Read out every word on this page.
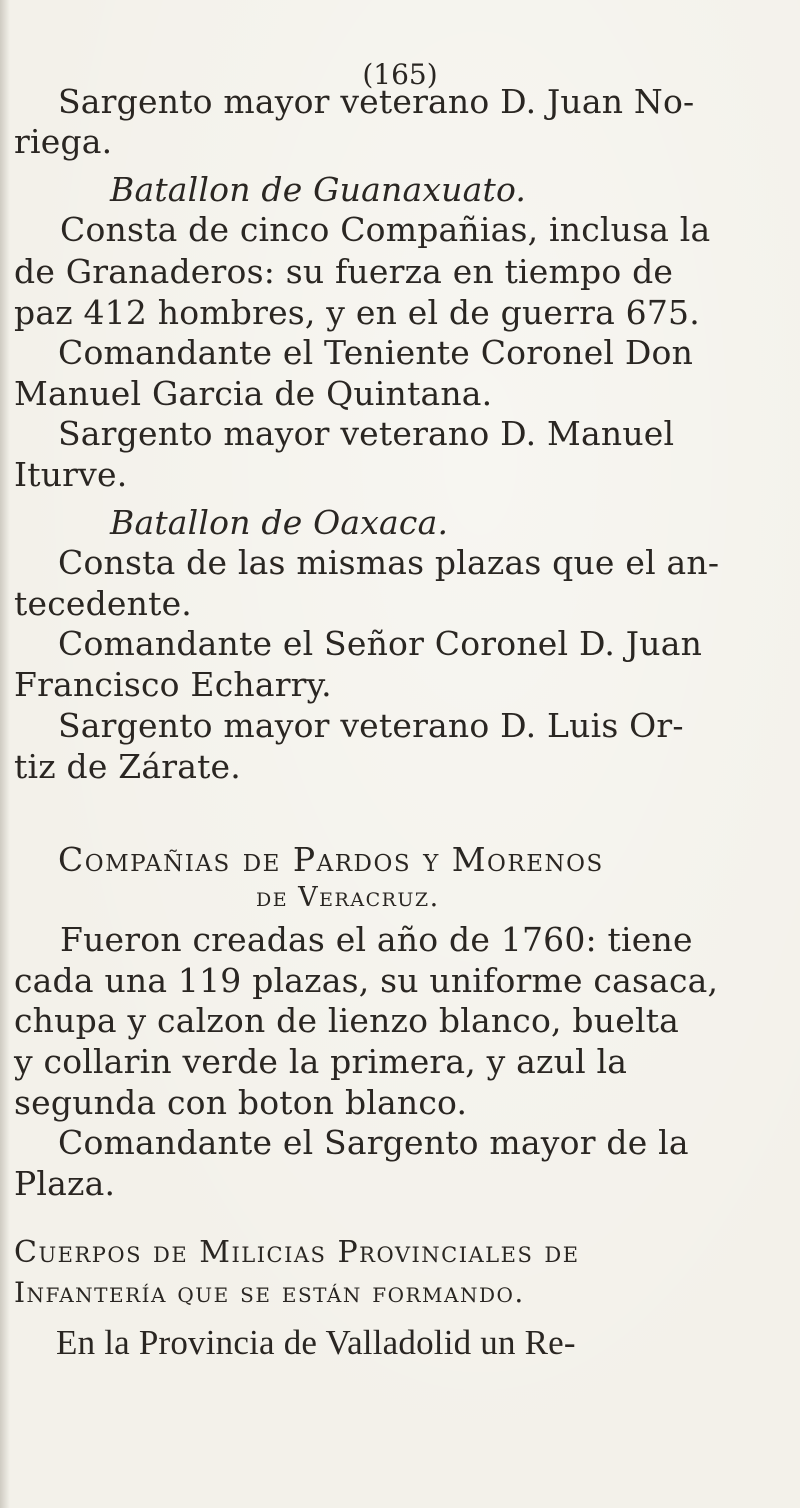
(165)
Sargento mayor veterano D. Juan No-
riega.
Batallon de Guanaxuato.
Consta de cinco Compañias, inclusa la
de Granaderos: su fuerza en tiempo de
paz 412 hombres, y en el de guerra 675.
Comandante el Teniente Coronel Don
Manuel Garcia de Quintana.
Sargento mayor veterano D. Manuel
Iturve.
Batallon de Oaxaca.
Consta de las mismas plazas que el an-
tecedente.
Comandante el Señor Coronel D. Juan
Francisco Echarry.
Sargento mayor veterano D. Luis Or-
tiz de Zárate.
Compañias de Pardos y Morenos
de Veracruz.
Fueron creadas el año de 1760: tiene
cada una 119 plazas, su uniforme casaca,
chupa y calzon de lienzo blanco, buelta
y collarin verde la primera, y azul la
segunda con boton blanco.
Comandante el Sargento mayor de la
Plaza.
Cuerpos de Milicias Provinciales de
Infantería que se están formando.
En la Provincia de Valladolid un Re-
